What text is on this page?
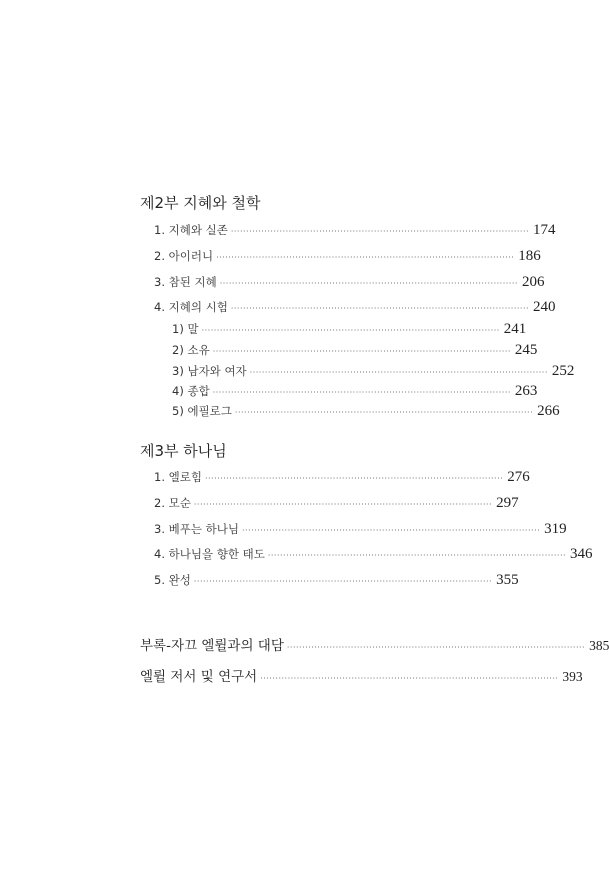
제2부 지혜와 철학
1. 지혜와 실존 ·································································································· 174
2. 아이러니 ·································································································· 186
3. 참된 지혜 ·································································································· 206
4. 지혜의 시험 ·································································································· 240
1) 말 ·································································································· 241
2) 소유 ·································································································· 245
3) 남자와 여자 ·································································································· 252
4) 종합 ·································································································· 263
5) 에필로그 ·································································································· 266
제3부 하나님
1. 엘로힘 ·································································································· 276
2. 모순 ·································································································· 297
3. 베푸는 하나님 ·································································································· 319
4. 하나님을 향한 태도 ·································································································· 346
5. 완성 ·································································································· 355
부록-자끄 엘륄과의 대담 ·································································································· 385
엘륄 저서 및 연구서 ·································································································· 393
